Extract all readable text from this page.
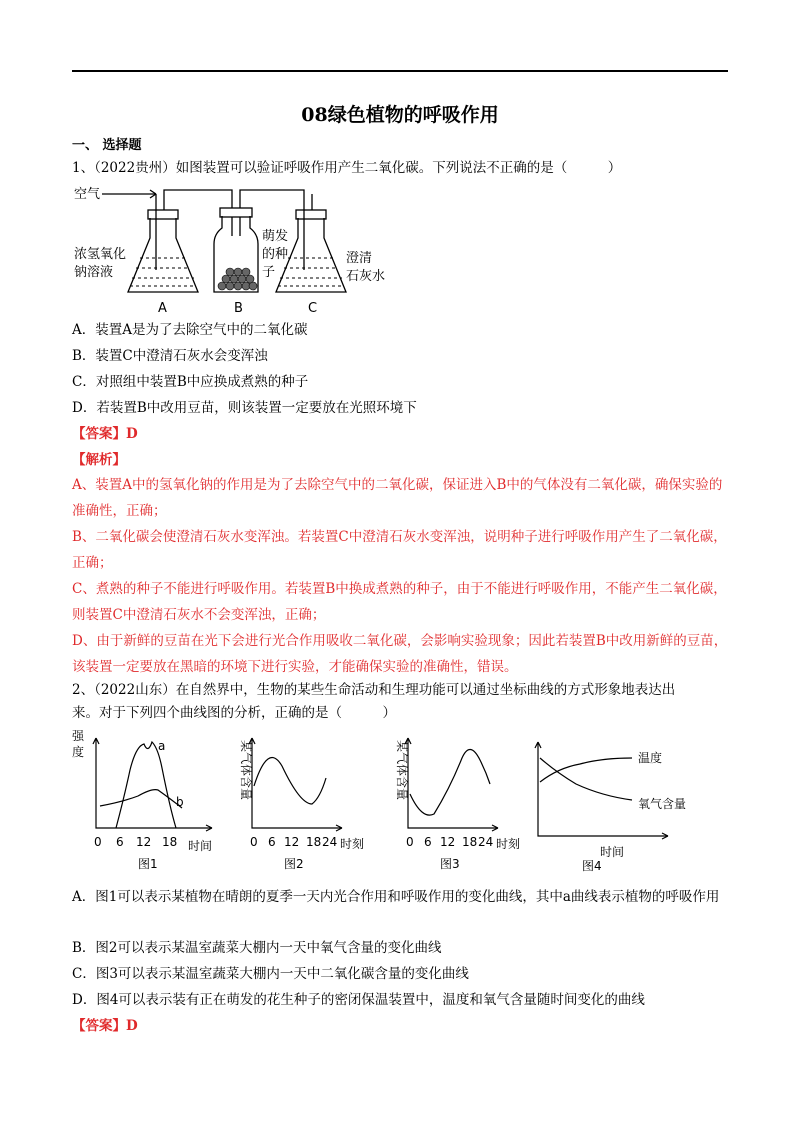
08绿色植物的呼吸作用
一、 选择题
1、（2022贵州）如图装置可以验证呼吸作用产生二氧化碳。下列说法不正确的是（　　　）
空气
浓氢氧化
钠溶液
萌发
的种
子
澄清
石灰水
A	B	C
A．装置A是为了去除空气中的二氧化碳
B．装置C中澄清石灰水会变浑浊
C．对照组中装置B中应换成煮熟的种子
D．若装置B中改用豆苗，则该装置一定要放在光照环境下
【答案】D
【解析】
A、装置A中的氢氧化钠的作用是为了去除空气中的二氧化碳，保证进入B中的气体没有二氧化碳，确保实验的准确性，正确；
B、二氧化碳会使澄清石灰水变浑浊。若装置C中澄清石灰水变浑浊，说明种子进行呼吸作用产生了二氧化碳，正确；
C、煮熟的种子不能进行呼吸作用。若装置B中换成煮熟的种子，由于不能进行呼吸作用，不能产生二氧化碳，则装置C中澄清石灰水不会变浑浊，正确；
D、由于新鲜的豆苗在光下会进行光合作用吸收二氧化碳，会影响实验现象；因此若装置B中改用新鲜的豆苗，该装置一定要放在黑暗的环境下进行实验，才能确保实验的准确性，错误。
2、（2022山东）在自然界中，生物的某些生命活动和生理功能可以通过坐标曲线的方式形象地表达出
来。对于下列四个曲线图的分析，正确的是（　　　）
强
度	a
b
0 6 12 18 时间
图1
某气体含量
0 6 12 18 24 时刻
图2
某气体含量
0 6 12 18 24 时刻
图3
温度
氧气含量
时间
图4
A．图1可以表示某植物在晴朗的夏季一天内光合作用和呼吸作用的变化曲线，其中a曲线表示植物的呼吸作用
B．图2可以表示某温室蔬菜大棚内一天中氧气含量的变化曲线
C．图3可以表示某温室蔬菜大棚内一天中二氧化碳含量的变化曲线
D．图4可以表示装有正在萌发的花生种子的密闭保温装置中，温度和氧气含量随时间变化的曲线
【答案】D
